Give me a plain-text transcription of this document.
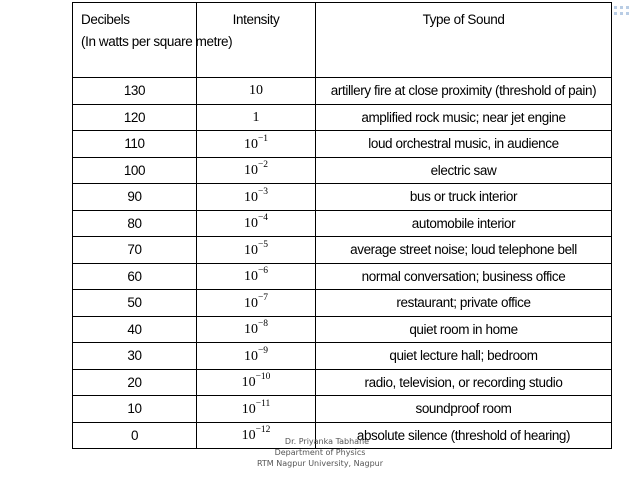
Decibels
(In watts per square metre)	Intensity	Type of Sound
130	10	artillery fire at close proximity (threshold of pain)
120	1	amplified rock music; near jet engine
110	$10^{-1}$	loud orchestral music, in audience
100	$10^{-2}$	electric saw
90	$10^{-3}$	bus or truck interior
80	$10^{-4}$	automobile interior
70	$10^{-5}$	average street noise; loud telephone bell
60	$10^{-6}$	normal conversation; business office
50	$10^{-7}$	restaurant; private office
40	$10^{-8}$	quiet room in home
30	$10^{-9}$	quiet lecture hall; bedroom
20	$10^{-10}$	radio, television, or recording studio
10	$10^{-11}$	soundproof room
0	$10^{-12}$	absolute silence (threshold of hearing)
Dr. Priyanka Tabhane
Department of Physics
RTM Nagpur University, Nagpur
